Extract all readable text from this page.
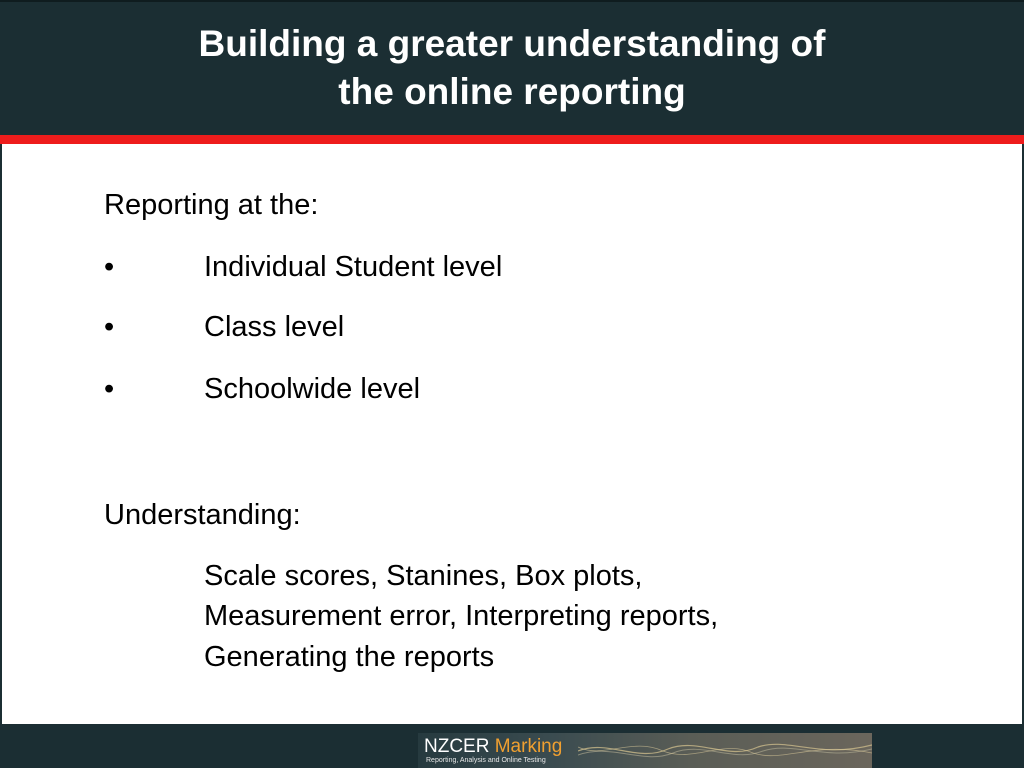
Building a greater understanding of
the online reporting
Reporting at the:
•	Individual Student level
•	Class level
•	Schoolwide level
Understanding:
Scale scores, Stanines, Box plots,
Measurement error, Interpreting reports,
Generating the reports
NZCER Marking
Reporting, Analysis and Online Testing
